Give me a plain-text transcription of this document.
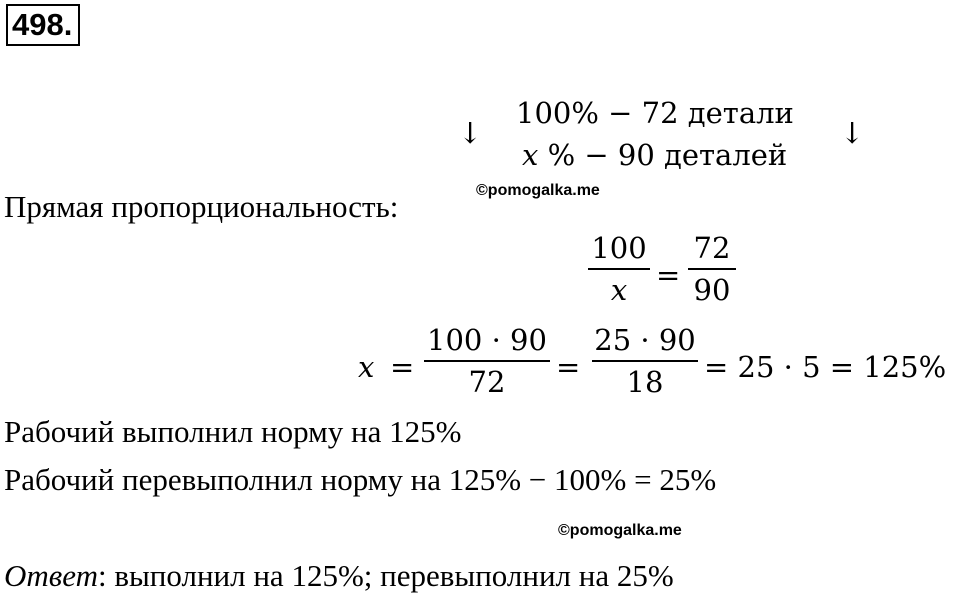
498.
↓	↓
100% − 72 детали
x % − 90 деталей
©pomogalka.me
Прямая пропорциональность:
100
x =
72
90
x =
100 · 90
72	=
25 · 90
18	= 25 · 5 = 125%
Рабочий выполнил норму на 125%
Рабочий перевыполнил норму на 125% − 100% = 25%
©pomogalka.me
Ответ: выполнил на 125%; перевыполнил на 25%
